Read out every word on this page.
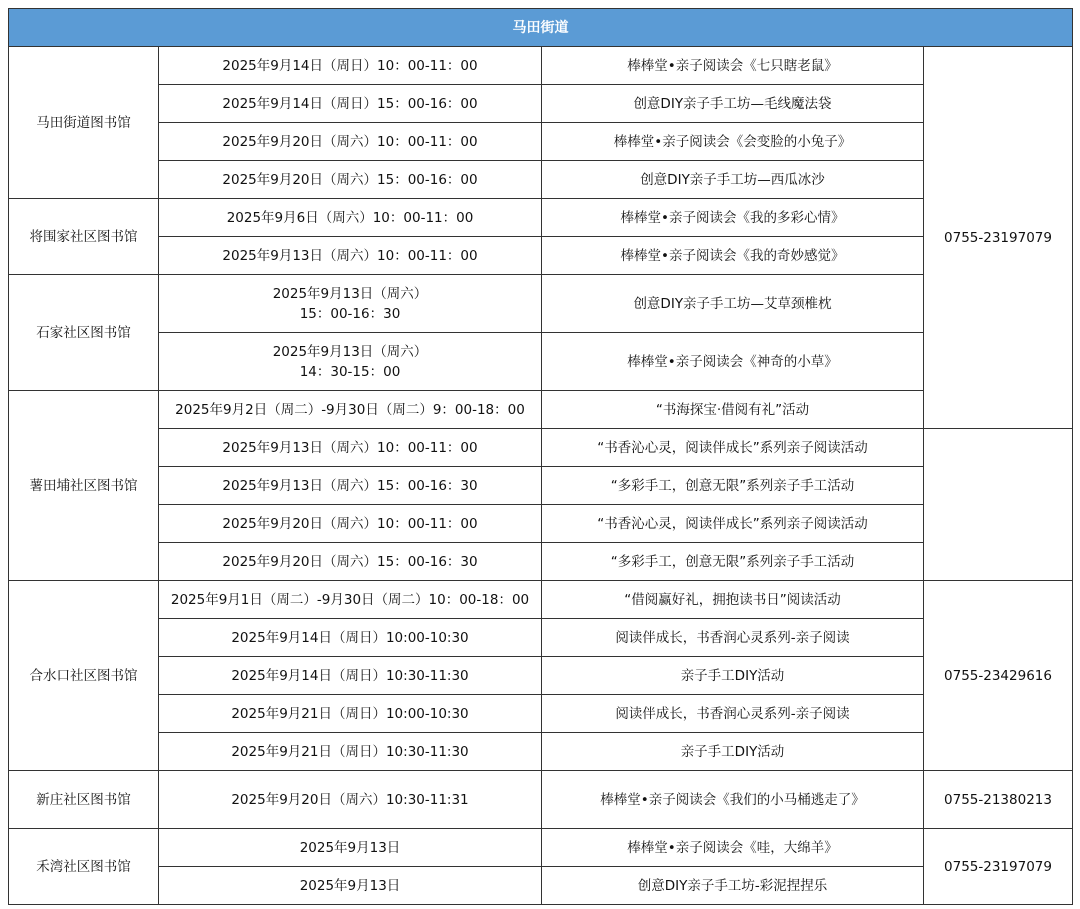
马田街道				
马田街道图书馆	2025年9月14日（周日）10：00-11：00	棒棒堂•亲子阅读会《七只瞎老鼠》	0755-23197079	
	2025年9月14日（周日）15：00-16：00	创意DIY亲子手工坊—毛线魔法袋		
	2025年9月20日（周六）10：00-11：00	棒棒堂•亲子阅读会《会变脸的小兔子》		
	2025年9月20日（周六）15：00-16：00	创意DIY亲子手工坊—西瓜冰沙		
将围家社区图书馆	2025年9月6日（周六）10：00-11：00	棒棒堂•亲子阅读会《我的多彩心情》		
	2025年9月13日（周六）10：00-11：00	棒棒堂•亲子阅读会《我的奇妙感觉》		
石家社区图书馆	2025年9月13日（周六）
15：00-16：30	创意DIY亲子手工坊—艾草颈椎枕		

	2025年9月13日（周六）
14：30-15：00	棒棒堂•亲子阅读会《神奇的小草》		
薯田埔社区图书馆	2025年9月2日（周二）-9月30日（周二）9：00-18：00	“书海探宝·借阅有礼”活动	
	2025年9月13日（周六）10：00-11：00	“书香沁心灵，阅读伴成长”系列亲子阅读活动		
	2025年9月13日（周六）15：00-16：30	“多彩手工，创意无限”系列亲子手工活动		
	2025年9月20日（周六）10：00-11：00	“书香沁心灵，阅读伴成长”系列亲子阅读活动		
	2025年9月20日（周六）15：00-16：30	“多彩手工，创意无限”系列亲子手工活动		
合水口社区图书馆	2025年9月1日（周二）-9月30日（周二）10：00-18：00	“借阅赢好礼，拥抱读书日”阅读活动	0755-23429616	
	2025年9月14日（周日）10:00-10:30	阅读伴成长，书香润心灵系列-亲子阅读		
	2025年9月14日（周日）10:30-11:30	亲子手工DIY活动		
	2025年9月21日（周日）10:00-10:30	阅读伴成长，书香润心灵系列-亲子阅读		
	2025年9月21日（周日）10:30-11:30	亲子手工DIY活动		
新庄社区图书馆	2025年9月20日（周六）10:30-11:31	棒棒堂•亲子阅读会《我们的小马桶逃走了》	0755-21380213	
禾湾社区图书馆	2025年9月13日	棒棒堂•亲子阅读会《哇，大绵羊》	0755-23197079	
	2025年9月13日	创意DIY亲子手工坊-彩泥捏捏乐		
